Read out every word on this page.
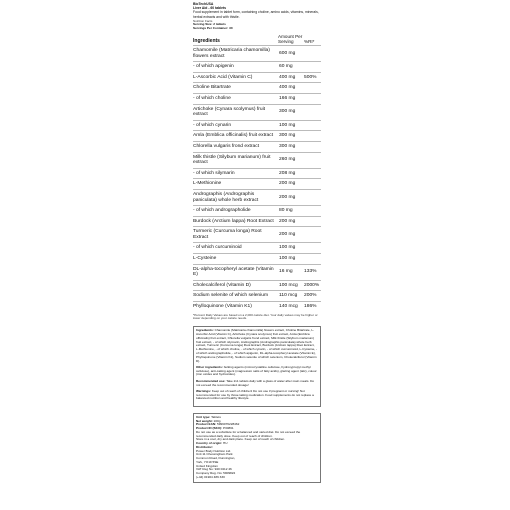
BioTechUSA
Liver Aid - 60 tablets
Food supplement in tablet form, containing choline, amino acids, vitamins, minerals, herbal extracts and with thistle.
Nutrition Facts
Serving Size: 2 tablets
Servings Per Container: 30
Ingredients	Amount Per Serving	%RI*
Chamomile (Matricaria chamomilla) flowers extract	600 mg	
- of which apigenin	60 mg	
L-Ascorbic Acid (Vitamin C)	400 mg	500%
Choline Bitartrate	400 mg	
- of which choline	166 mg	
Artichoke (Cynara scolymus) fruit extract	300 mg	
- of which cynarin	100 mg	
Amla (Emblica officinalis) fruit extract	300 mg	
Chlorella vulgaris frond extract	300 mg	
Milk thistle (Silybum marianum) fruit extract	260 mg	
- of which silymarin	208 mg	
L-Methionine	200 mg	
Andrographis (Andrographis paniculata) whole herb extract	200 mg	
- of which andrographolide	80 mg	
Burdock (Arctium lappa) Root Extract	200 mg	
Turmeric (Curcuma longa) Root Extract	200 mg	
- of which curcuminoid	100 mg	
L-Cysteine	100 mg	
DL-alpha-tocopheryl acetate (Vitamin E)	16 mg	133%
Cholecalciferol (Vitamin D)	100 mcg	2000%
Sodium selenite of which selenium	110 mcg	200%
Phylloquinone (Vitamin K1)	140 mcg	186%
*Percent Daily Values are based on a 2,000 calorie diet. Your daily values may be higher or lower depending on your calorie needs.

Ingredients: Chamomile (Matricaria chamomilla) flowers extract, Choline Bitartrate, L-Ascorbic Acid (Vitamin C), Artichoke (Cynara scolymus) fruit extract, Amla (Emblica officinalis) fruit extract, Chlorella vulgaris frond extract, Milk thistle (Silybum marianum) fruit extract, - of which silymarin, Andrographis (Andrographis paniculata) whole herb extract, Turmeric (Curcuma longa) Root Extract, Burdock (Arctium lappa) Root Extract, L-Methionine, - of which choline, - of which cynarin, - of which curcuminoid, L-Cysteine, - of which andrographolide, - of which apigenin, DL-alpha-tocopheryl acetate (Vitamin E), Phylloquinone (Vitamin K1), Sodium selenite of which selenium, Cholecalciferol (Vitamin D).

Other ingredients: bulking agents (microcrystalline cellulose, hydroxypropyl methyl cellulose), anti-caking agent (magnesium salts of fatty acids), glazing agent (talc), colour (iron oxides and hydroxides).

Recommended use: Take 2x1 tablets daily with a glass of water after main meals. Do not exceed the recommended dosage!

Warnings: Keep out of reach of children! Do not use if pregnant or nursing! Not recommended for use by those taking medication. Food supplements do not replace a balanced nutrition and healthy lifestyle.

Unit type: Tablets
Net weight: 100g
Product EAN: 5999076228462
Product ID (SKU): P30861
Do not use as a substitute for a balanced and varied diet. Do not exceed the recommended daily dose. Keep out of reach of children.
Store in a cool, dry and dark place. Keep out of reach of children.
Country of origin: HU
Distributor:
Power Body Nutrition Ltd.
Unit 11 Chessingham Park
Common Road, Dunnington,
York, YO19 5SE
United Kingdom
VAT Reg No: 940 0412 46
Company Reg. No: 5909822
(+44) 01904 486 330
